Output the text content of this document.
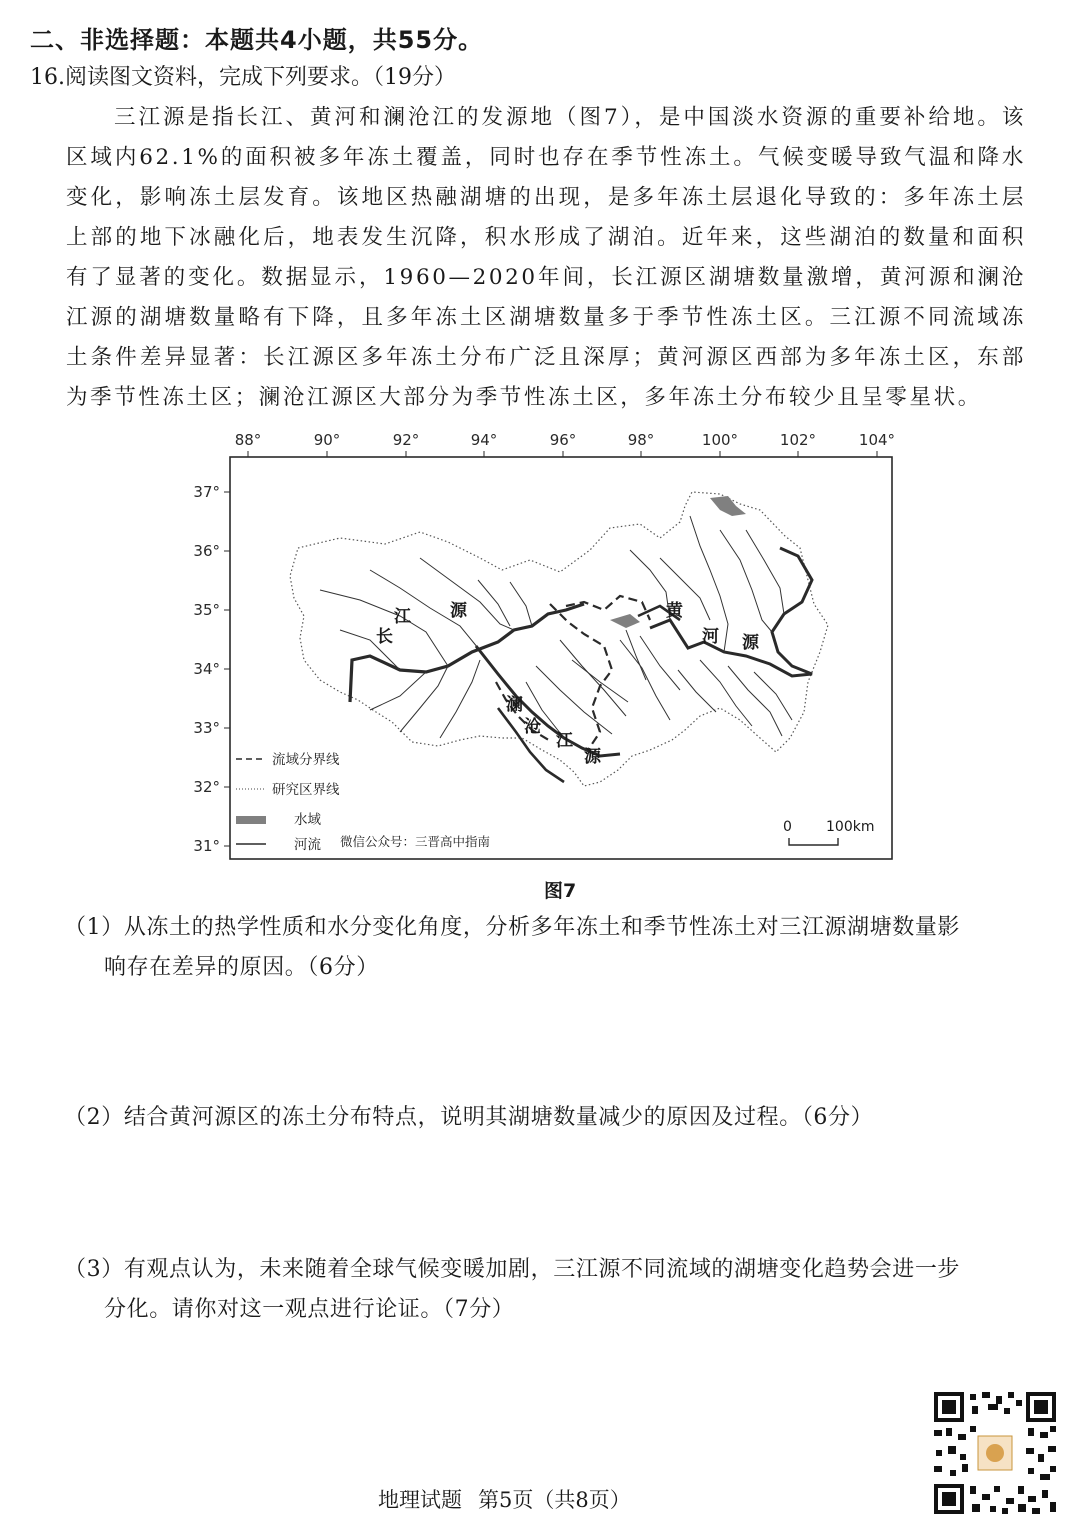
二、非选择题：本题共4小题，共55分。
16.阅读图文资料，完成下列要求。（19分）

三江源是指长江、黄河和澜沧江的发源地（图7），是中国淡水资源的重要补给地。该区域内62.1%的面积被多年冻土覆盖，同时也存在季节性冻土。气候变暖导致气温和降水变化，影响冻土层发育。该地区热融湖塘的出现，是多年冻土层退化导致的：多年冻土层上部的地下冰融化后，地表发生沉降，积水形成了湖泊。近年来，这些湖泊的数量和面积有了显著的变化。数据显示，1960—2020年间，长江源区湖塘数量激增，黄河源和澜沧江源的湖塘数量略有下降，且多年冻土区湖塘数量多于季节性冻土区。三江源不同流域冻土条件差异显著：长江源区多年冻土分布广泛且深厚；黄河源区西部为多年冻土区，东部为季节性冻土区；澜沧江源区大部分为季节性冻土区，多年冻土分布较少且呈零星状。

88°	90°	92°	94°	96°	98°	100°	102°	104°
37°
36°
35°
34°
33°
32°
31°
长
江 源	黄
河 源
澜
沧
江
源
流域分界线
研究区界线
水域
河流 微信公众号：三晋高中指南
0 100km
图7
（1）从冻土的热学性质和水分变化角度，分析多年冻土和季节性冻土对三江源湖塘数量影
响存在差异的原因。（6分）
（2）结合黄河源区的冻土分布特点，说明其湖塘数量减少的原因及过程。（6分）
（3）有观点认为，未来随着全球气候变暖加剧，三江源不同流域的湖塘变化趋势会进一步
分化。请你对这一观点进行论证。（7分）
地理试题 第5页（共8页）
